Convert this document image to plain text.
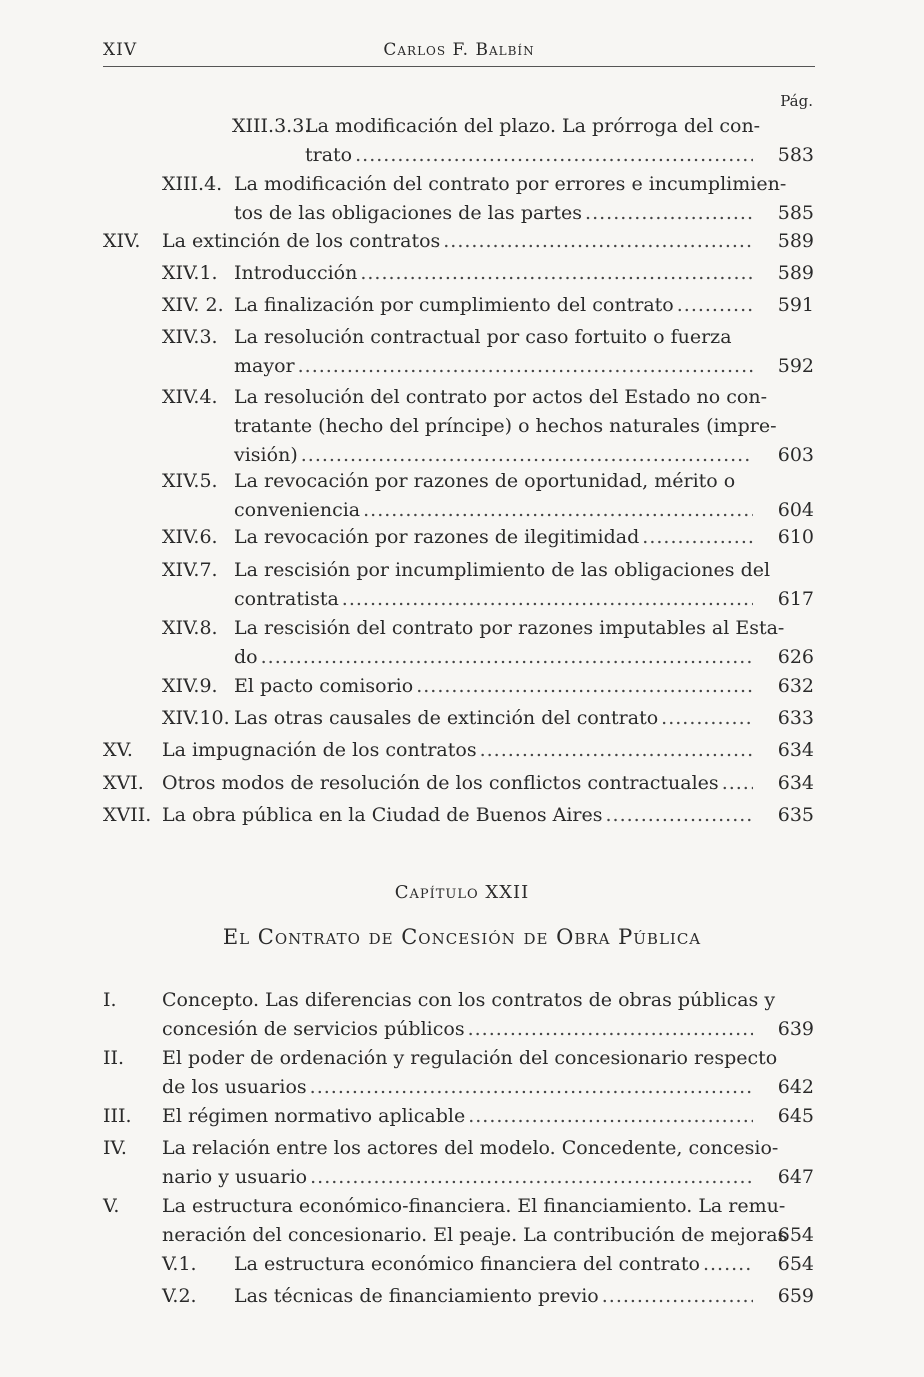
XIV	Carlos F. Balbín
Pág.
XIII.3.3.
La modificación del plazo. La prórroga del con-
trato .....	583
XIII.4. La modificación del contrato por errores e incumplimien-
tos de las obligaciones de las partes .....	585
XIV. La extinción de los contratos .....	589
XIV.1. Introducción .....	589
XIV. 2. La finalización por cumplimiento del contrato .....	591
XIV.3. La resolución contractual por caso fortuito o fuerza
mayor .....	592
XIV.4. La resolución del contrato por actos del Estado no con-
tratante (hecho del príncipe) o hechos naturales (impre-
visión) .....	603
XIV.5. La revocación por razones de oportunidad, mérito o
conveniencia .....	604
XIV.6. La revocación por razones de ilegitimidad .....	610
XIV.7. La rescisión por incumplimiento de las obligaciones del
contratista .....	617
XIV.8. La rescisión del contrato por razones imputables al Esta-
do .....	626
XIV.9. El pacto comisorio .....	632
XIV.10. Las otras causales de extinción del contrato .....	633
XV. La impugnación de los contratos .....	634
XVI. Otros modos de resolución de los conflictos contractuales .....	634
XVII. La obra pública en la Ciudad de Buenos Aires .....	635
Capítulo XXII
El Contrato de Concesión de Obra Pública
I. Concepto. Las diferencias con los contratos de obras públicas y
concesión de servicios públicos .....	639
II. El poder de ordenación y regulación del concesionario respecto
de los usuarios .....	642
III. El régimen normativo aplicable .....	645
IV. La relación entre los actores del modelo. Concedente, concesio-
nario y usuario .....	647
V. La estructura económico-financiera. El financiamiento. La remu-
neración del concesionario. El peaje. La contribución de mejoras
654
V.1. La estructura económico financiera del contrato .....	654
V.2. Las técnicas de financiamiento previo .....	659
